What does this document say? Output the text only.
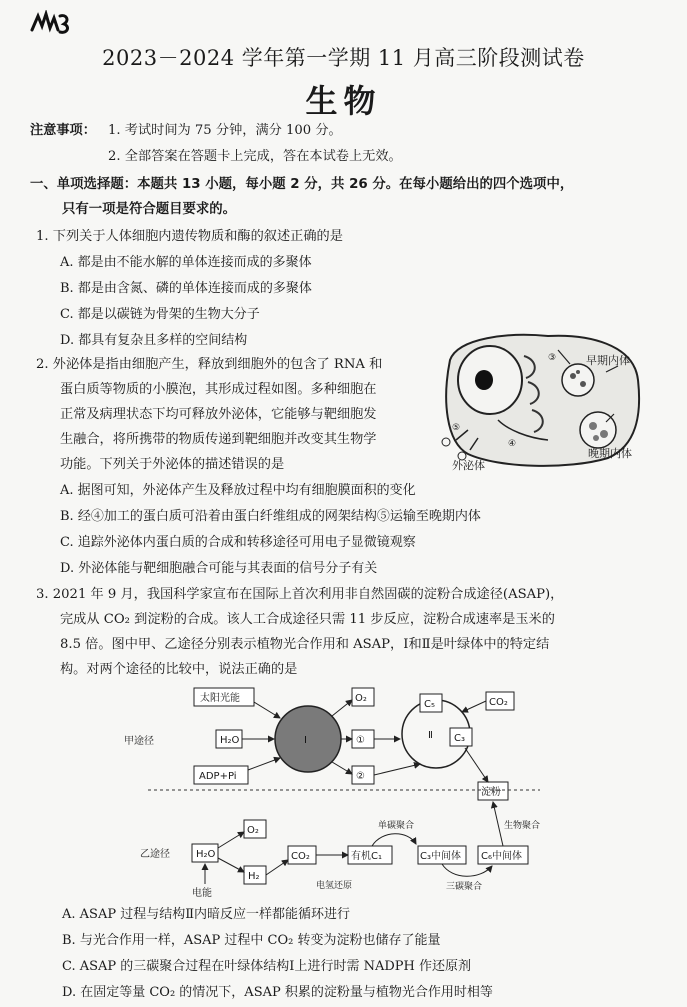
2023－2024 学年第一学期 11 月高三阶段测试卷
生物
注意事项： 1. 考试时间为 75 分钟，满分 100 分。
2. 全部答案在答题卡上完成，答在本试卷上无效。
一、单项选择题：本题共 13 小题，每小题 2 分，共 26 分。在每小题给出的四个选项中，
只有一项是符合题目要求的。
1. 下列关于人体细胞内遗传物质和酶的叙述正确的是
A. 都是由不能水解的单体连接而成的多聚体
B. 都是由含氮、磷的单体连接而成的多聚体
C. 都是以碳链为骨架的生物大分子
D. 都具有复杂且多样的空间结构
2. 外泌体是指由细胞产生，释放到细胞外的包含了 RNA 和
蛋白质等物质的小膜泡，其形成过程如图。多种细胞在
正常及病理状态下均可释放外泌体，它能够与靶细胞发
生融合，将所携带的物质传递到靶细胞并改变其生物学
功能。下列关于外泌体的描述错误的是
⑤
④
③	早期内体
晚期内体
外泌体
A. 据图可知，外泌体产生及释放过程中均有细胞膜面积的变化
B. 经④加工的蛋白质可沿着由蛋白纤维组成的网架结构⑤运输至晚期内体
C. 追踪外泌体内蛋白质的合成和转移途径可用电子显微镜观察
D. 外泌体能与靶细胞融合可能与其表面的信号分子有关
3. 2021 年 9 月，我国科学家宣布在国际上首次利用非自然固碳的淀粉合成途径(ASAP)，
完成从 CO₂ 到淀粉的合成。该人工合成途径只需 11 步反应，淀粉合成速率是玉米的
8.5 倍。图中甲、乙途径分别表示植物光合作用和 ASAP，Ⅰ和Ⅱ是叶绿体中的特定结
构。对两个途径的比较中，说法正确的是
甲途径
太阳光能
H₂O
ADP+Pi
Ⅰ
O₂
①
②
Ⅱ
C₅
C₃
CO₂
淀粉
乙途径	H₂O
电能
O₂
H₂
CO₂	有机C₁	C₃中间体 C₆中间体
单碳聚合
三碳聚合
生物聚合
电氢还原
A. ASAP 过程与结构Ⅱ内暗反应一样都能循环进行
B. 与光合作用一样，ASAP 过程中 CO₂ 转变为淀粉也储存了能量
C. ASAP 的三碳聚合过程在叶绿体结构Ⅰ上进行时需 NADPH 作还原剂
D. 在固定等量 CO₂ 的情况下，ASAP 积累的淀粉量与植物光合作用时相等
